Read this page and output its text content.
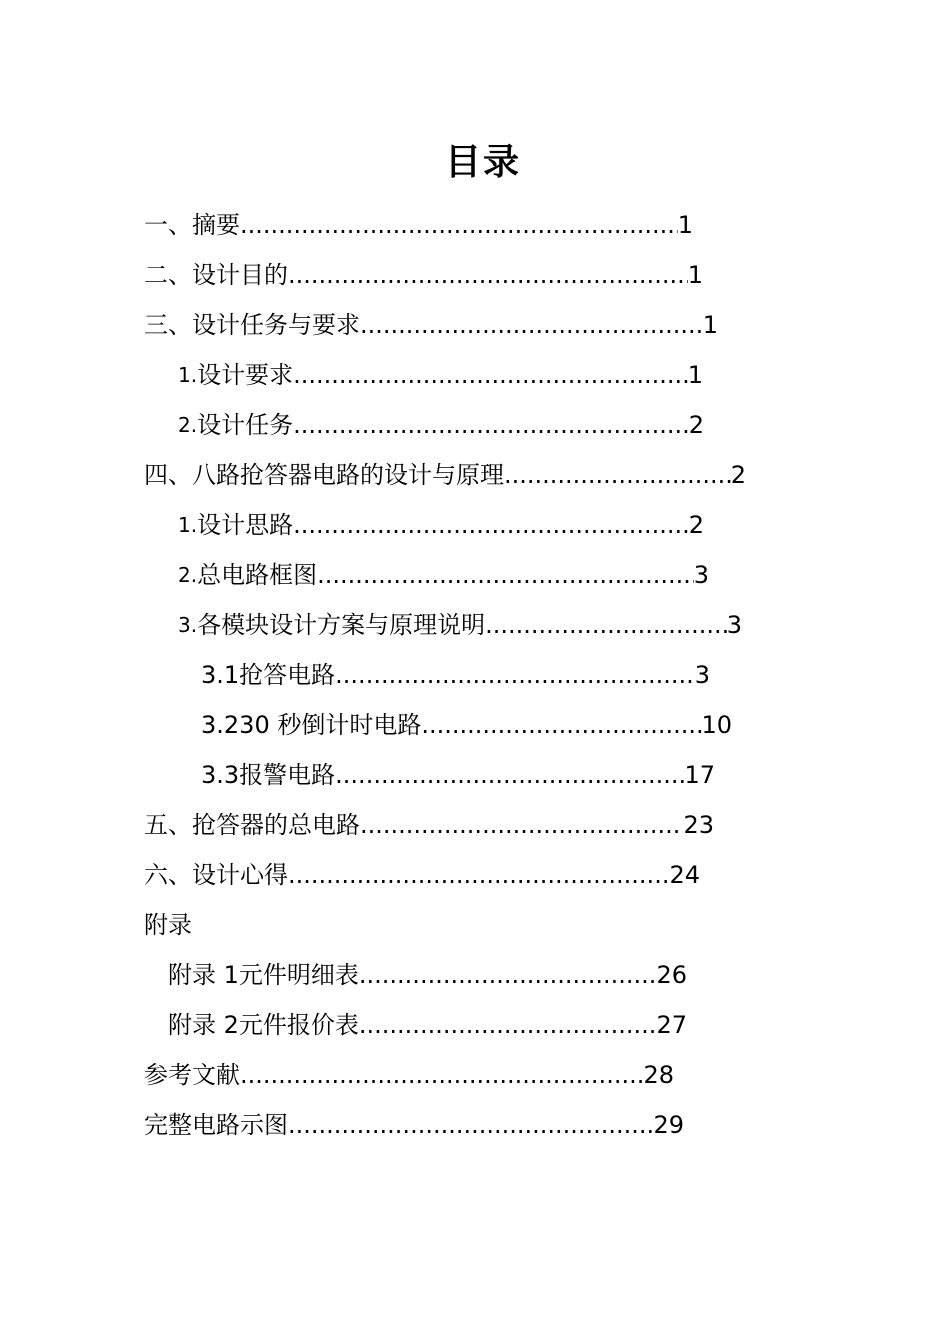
目录
一、 摘要 .....	1
二、 设计目的 .....	1
三、 设计任务与要求 .....	1
1. 设计要求 .....	1
2. 设计任务 .....	2
四、 八路抢答器电路的设计与原理 .....	2
1. 设计思路 .....	2
2. 总电路框图 .....	3
3. 各模块设计方案与原理说明 .....	3
3.1 抢答电路 .....	3
3.2 30 秒倒计时电路 .....	10
3.3 报警电路 .....	17
五、 抢答器的总电路 .....	23
六、 设计心得 .....	24
附录
附录 1 元件明细表 .....	26
附录 2 元件报价表 .....	27
参考文献 .....	28
完整电路示图 .....	29
